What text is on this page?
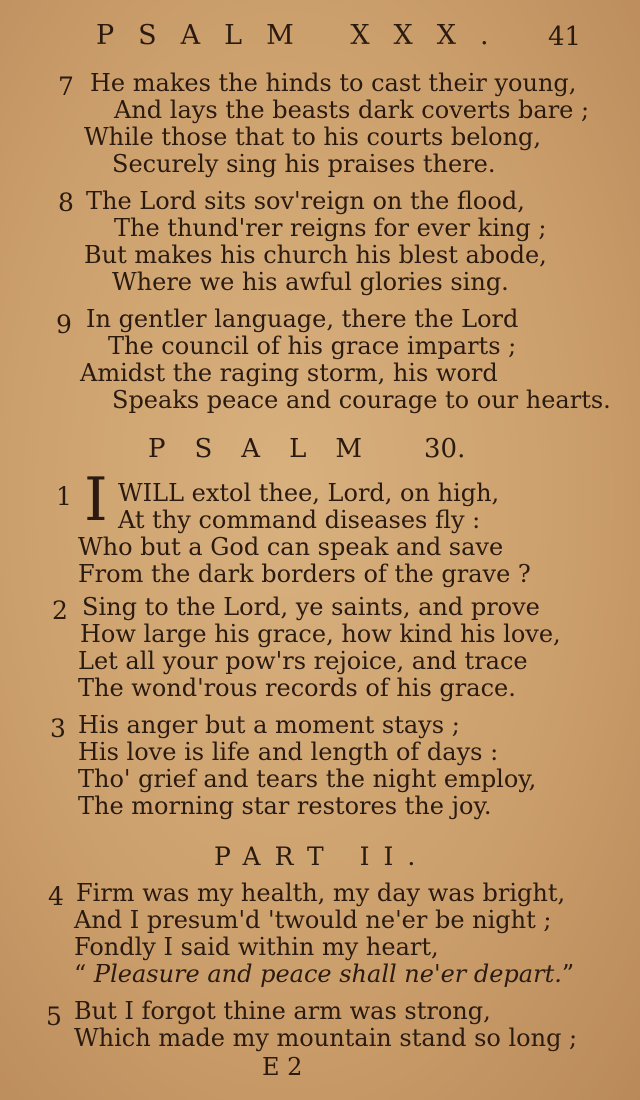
PSALM XXX. 41
7 He makes the hinds to cast their young,
And lays the beasts dark coverts bare ;
While those that to his courts belong,
Securely sing his praises there.
8 The Lord sits sov'reign on the flood,
The thund'rer reigns for ever king ;
But makes his church his blest abode,
Where we his awful glories sing.
9 In gentler language, there the Lord
The council of his grace imparts ;
Amidst the raging storm, his word
Speaks peace and courage to our hearts.
PSALM 30.
1 WILL extol thee, Lord, on high,
At thy command diseases fly :
Who but a God can speak and save
From the dark borders of the grave ?
I
2 Sing to the Lord, ye saints, and prove
How large his grace, how kind his love,
Let all your pow'rs rejoice, and trace
The wond'rous records of his grace.
3 His anger but a moment stays ;
His love is life and length of days :
Tho' grief and tears the night employ,
The morning star restores the joy.
PART II.
4 Firm was my health, my day was bright,
And I presum'd 'twould ne'er be night ;
Fondly I said within my heart,
“ Pleasure and peace shall ne'er depart.”
5 But I forgot thine arm was strong,
Which made my mountain stand so long ;
E 2
